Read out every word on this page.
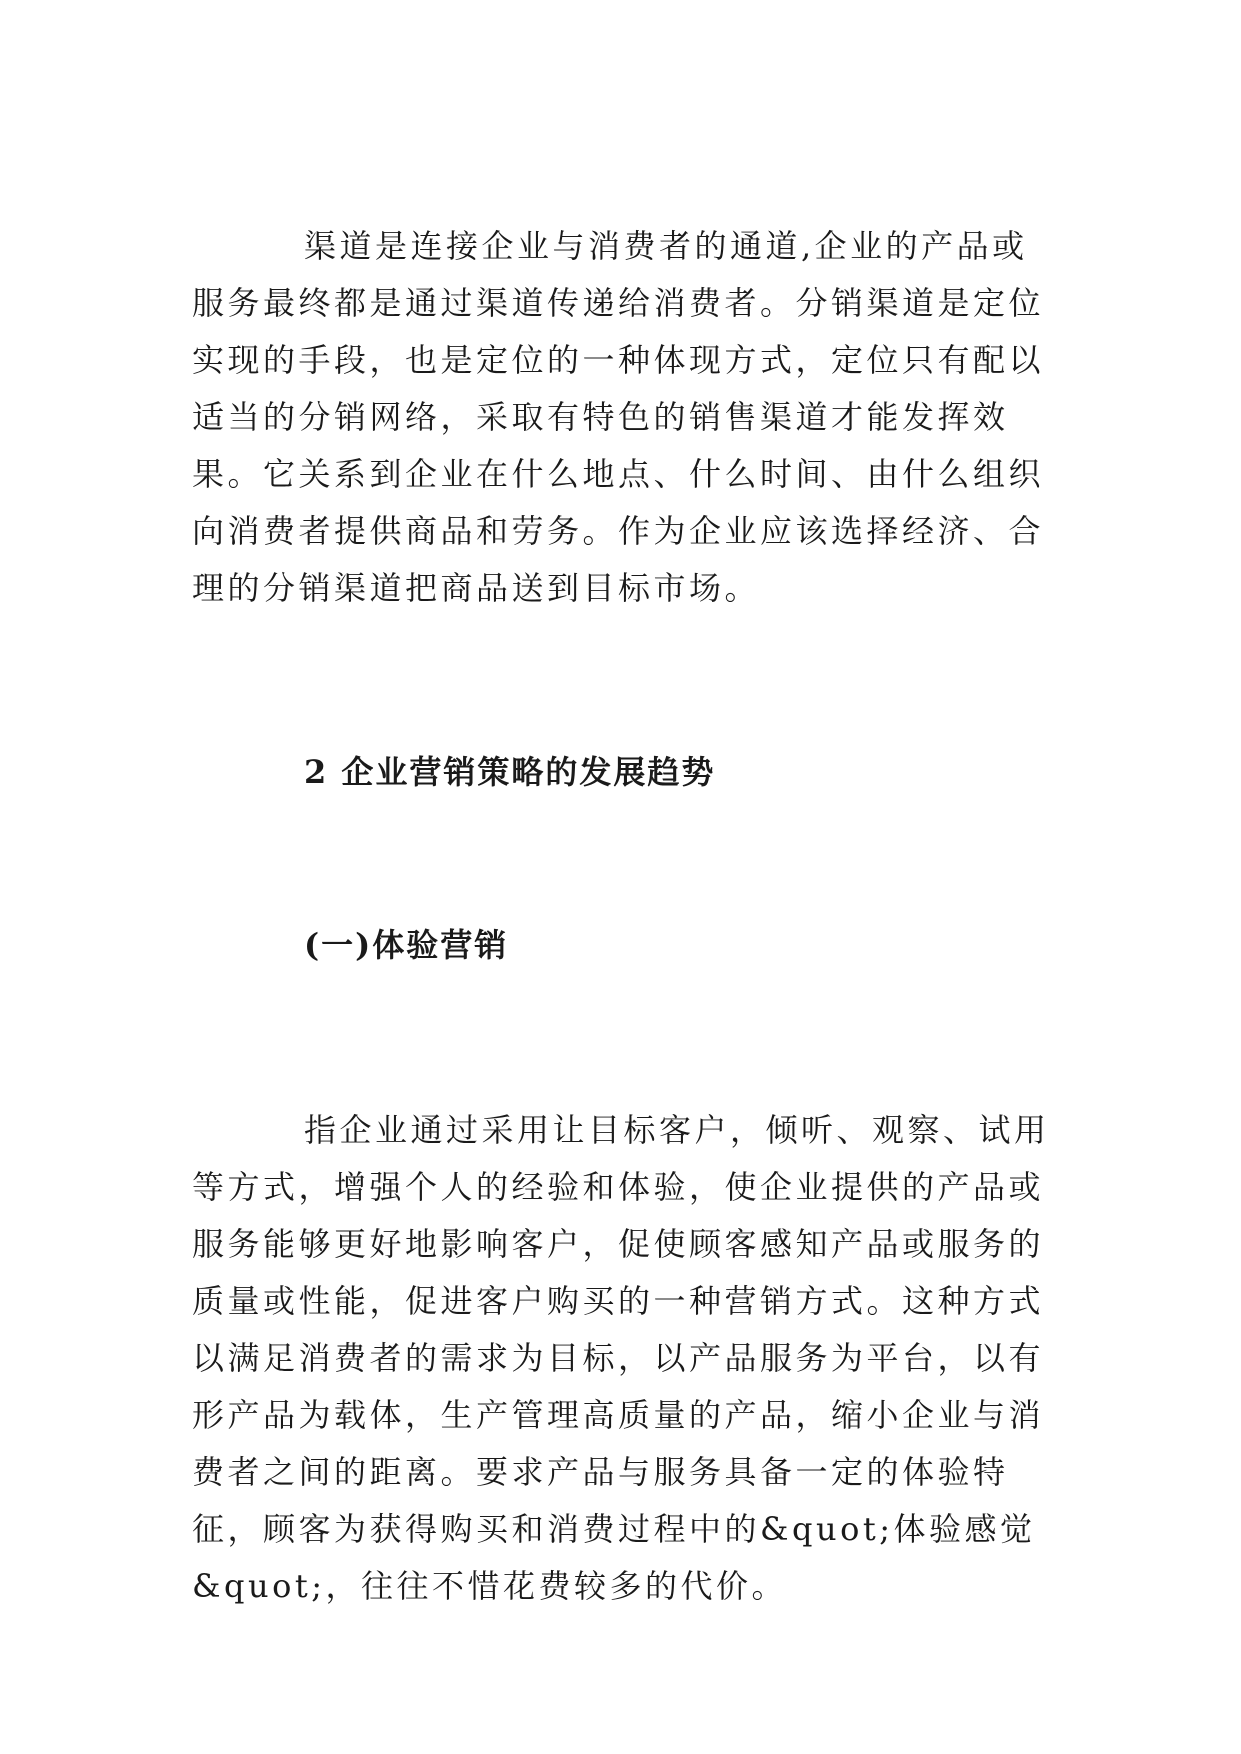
渠道是连接企业与消费者的通道,企业的产品或服务最终都是通过渠道传递给消费者。分销渠道是定位实现的手段，也是定位的一种体现方式，定位只有配以适当的分销网络，采取有特色的销售渠道才能发挥效果。它关系到企业在什么地点、什么时间、由什么组织向消费者提供商品和劳务。作为企业应该选择经济、合理的分销渠道把商品送到目标市场。

2 企业营销策略的发展趋势
(一)体验营销

指企业通过采用让目标客户，倾听、观察、试用等方式，增强个人的经验和体验，使企业提供的产品或服务能够更好地影响客户，促使顾客感知产品或服务的质量或性能，促进客户购买的一种营销方式。这种方式以满足消费者的需求为目标，以产品服务为平台，以有形产品为载体，生产管理高质量的产品，缩小企业与消费者之间的距离。要求产品与服务具备一定的体验特征，顾客为获得购买和消费过程中的&quot;体验感觉&quot;，往往不惜花费较多的代价。
